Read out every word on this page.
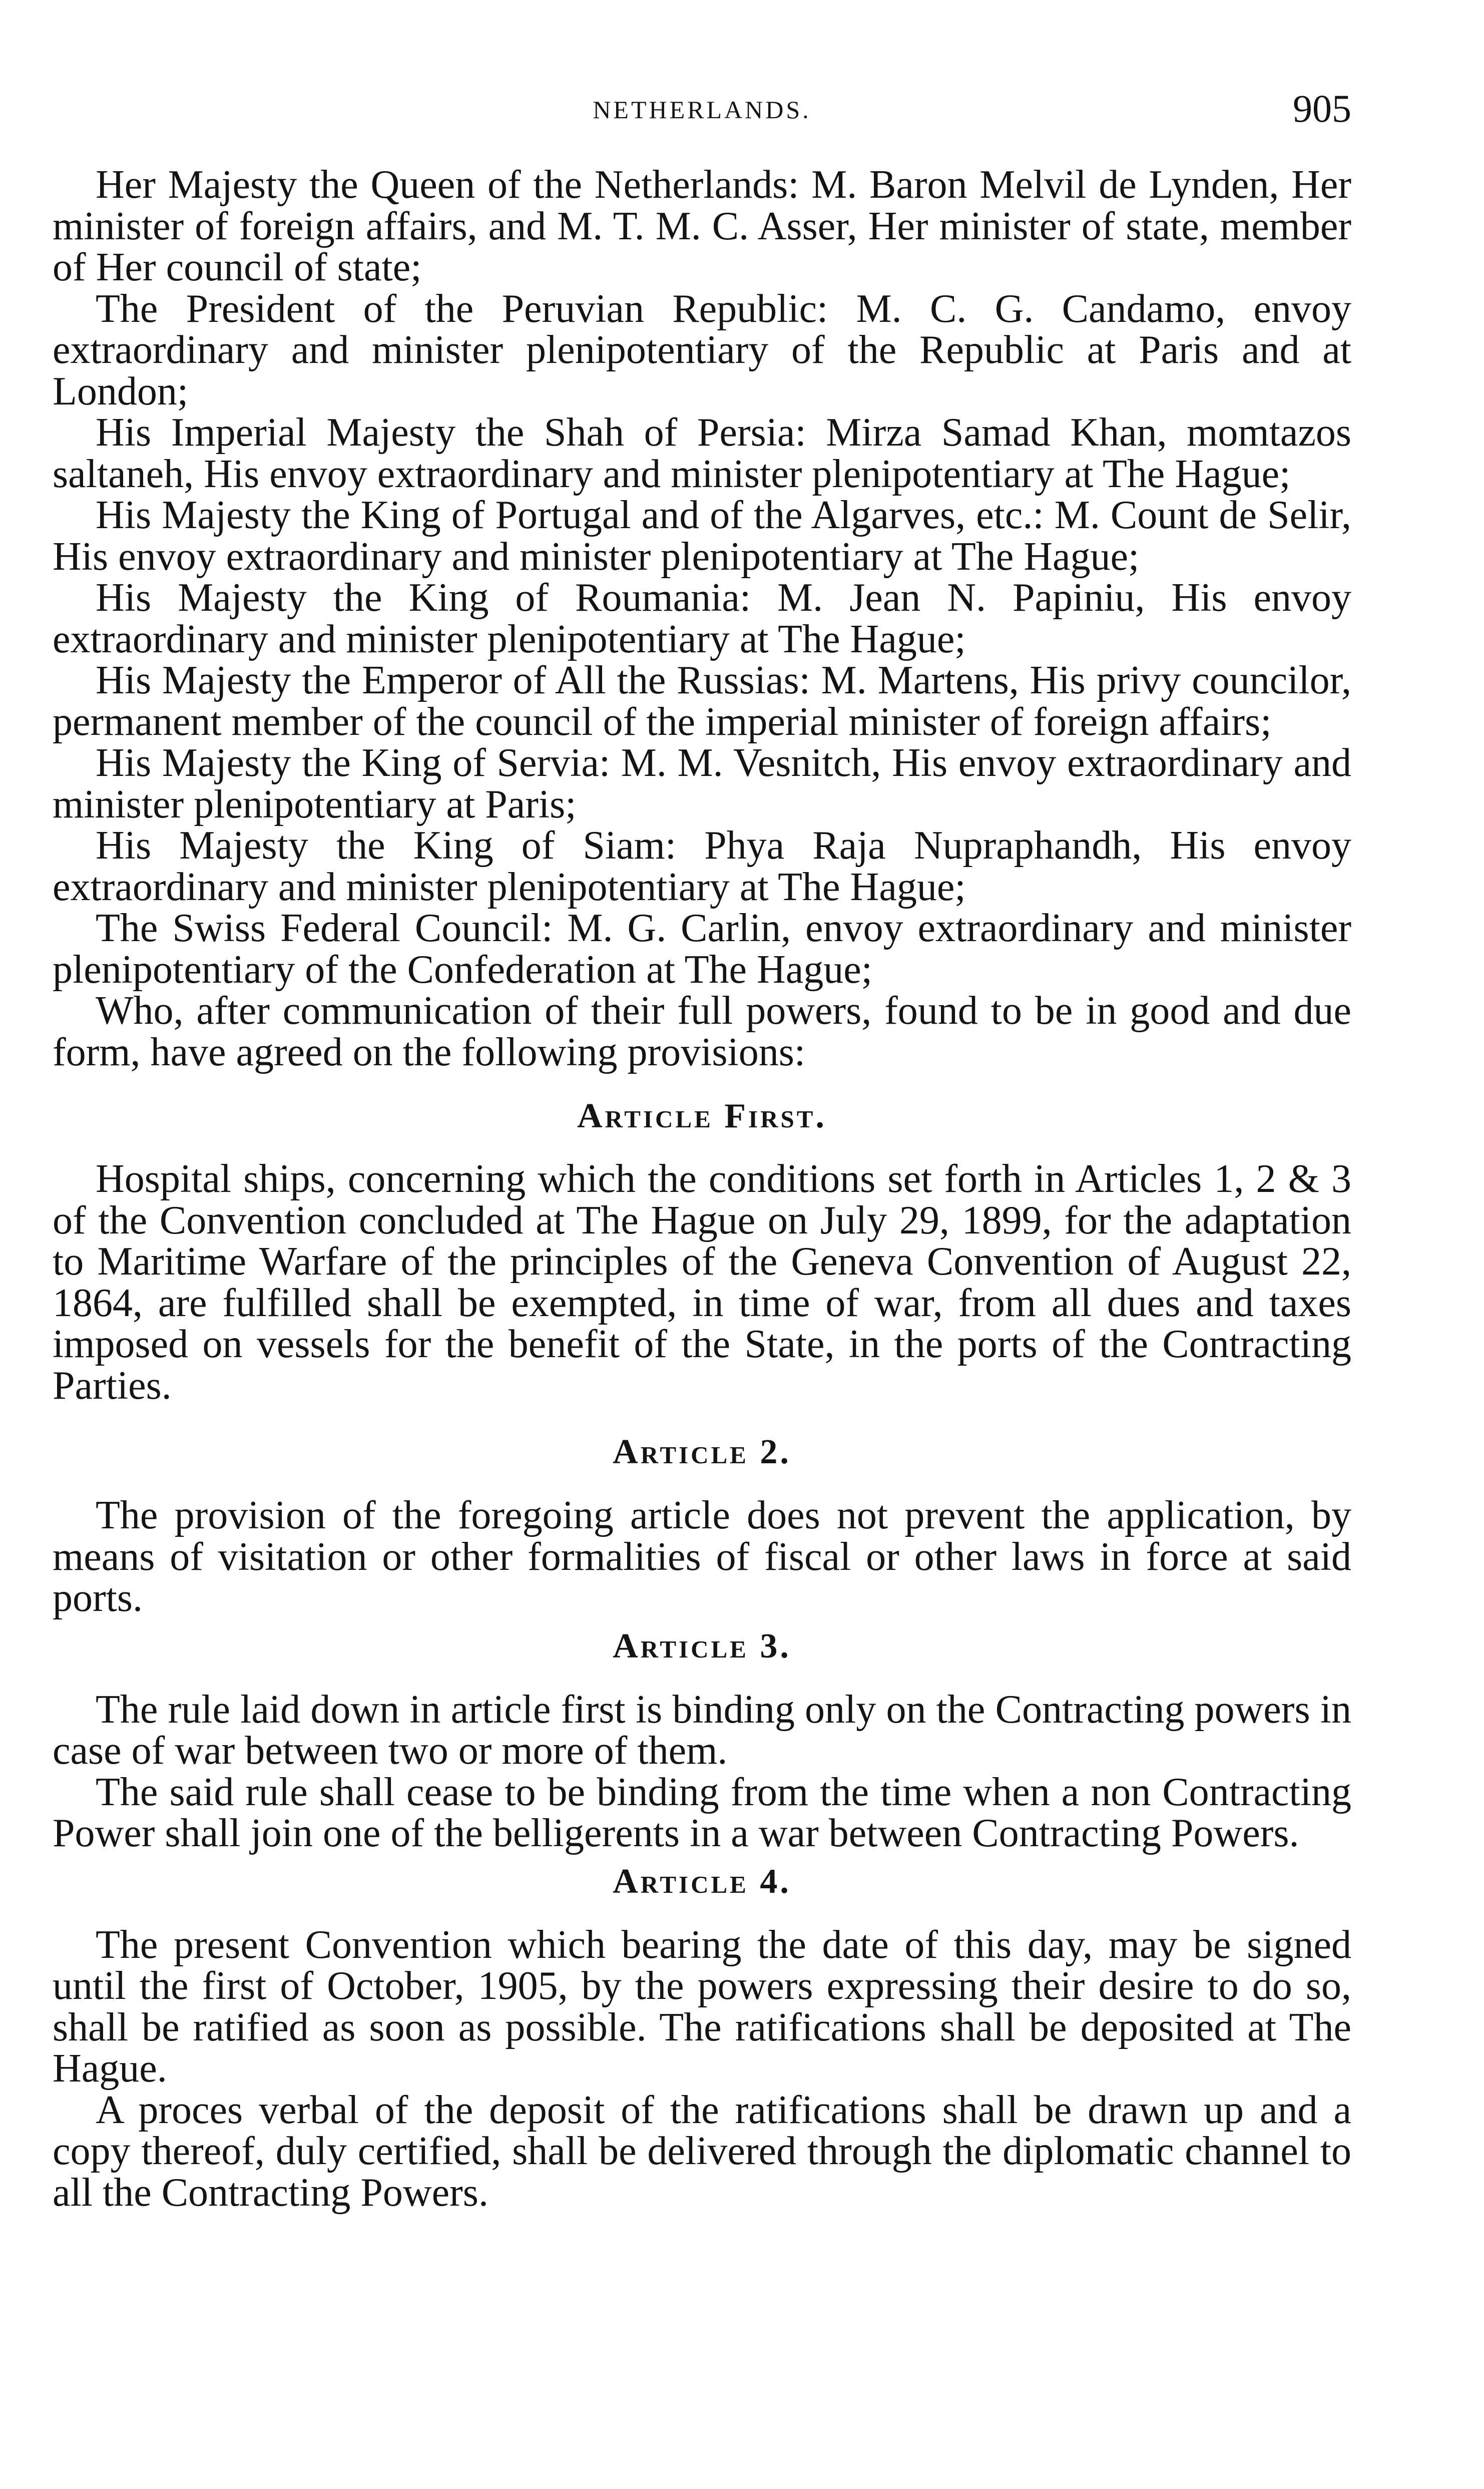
NETHERLANDS.	905

Her Majesty the Queen of the Netherlands: M. Baron Melvil de Lynden, Her minister of foreign affairs, and M. T. M. C. Asser, Her minister of state, member of Her council of state;

The President of the Peruvian Republic: M. C. G. Candamo, envoy extraordinary and minister plenipotentiary of the Republic at Paris and at London;

His Imperial Majesty the Shah of Persia: Mirza Samad Khan, momtazos saltaneh, His envoy extraordinary and minister plenipotentiary at The Hague;

His Majesty the King of Portugal and of the Algarves, etc.: M. Count de Selir, His envoy extraordinary and minister plenipotentiary at The Hague;

His Majesty the King of Roumania: M. Jean N. Papiniu, His envoy extraordinary and minister plenipotentiary at The Hague;

His Majesty the Emperor of All the Russias: M. Martens, His privy councilor, permanent member of the council of the imperial minister of foreign affairs;

His Majesty the King of Servia: M. M. Vesnitch, His envoy extraordinary and minister plenipotentiary at Paris;

His Majesty the King of Siam: Phya Raja Nupraphandh, His envoy extraordinary and minister plenipotentiary at The Hague;

The Swiss Federal Council: M. G. Carlin, envoy extraordinary and minister plenipotentiary of the Confederation at The Hague;

Who, after communication of their full powers, found to be in good and due form, have agreed on the following provisions:

Article First.

Hospital ships, concerning which the conditions set forth in Articles 1, 2 & 3 of the Convention concluded at The Hague on July 29, 1899, for the adaptation to Maritime Warfare of the principles of the Geneva Convention of August 22, 1864, are fulfilled shall be exempted, in time of war, from all dues and taxes imposed on vessels for the benefit of the State, in the ports of the Contracting Parties.

Article 2.

The provision of the foregoing article does not prevent the application, by means of visitation or other formalities of fiscal or other laws in force at said ports.

Article 3.

The rule laid down in article first is binding only on the Contracting powers in case of war between two or more of them.

The said rule shall cease to be binding from the time when a non Contracting Power shall join one of the belligerents in a war between Contracting Powers.

Article 4.

The present Convention which bearing the date of this day, may be signed until the first of October, 1905, by the powers expressing their desire to do so, shall be ratified as soon as possible. The ratifications shall be deposited at The Hague.

A proces verbal of the deposit of the ratifications shall be drawn up and a copy thereof, duly certified, shall be delivered through the diplomatic channel to all the Contracting Powers.
